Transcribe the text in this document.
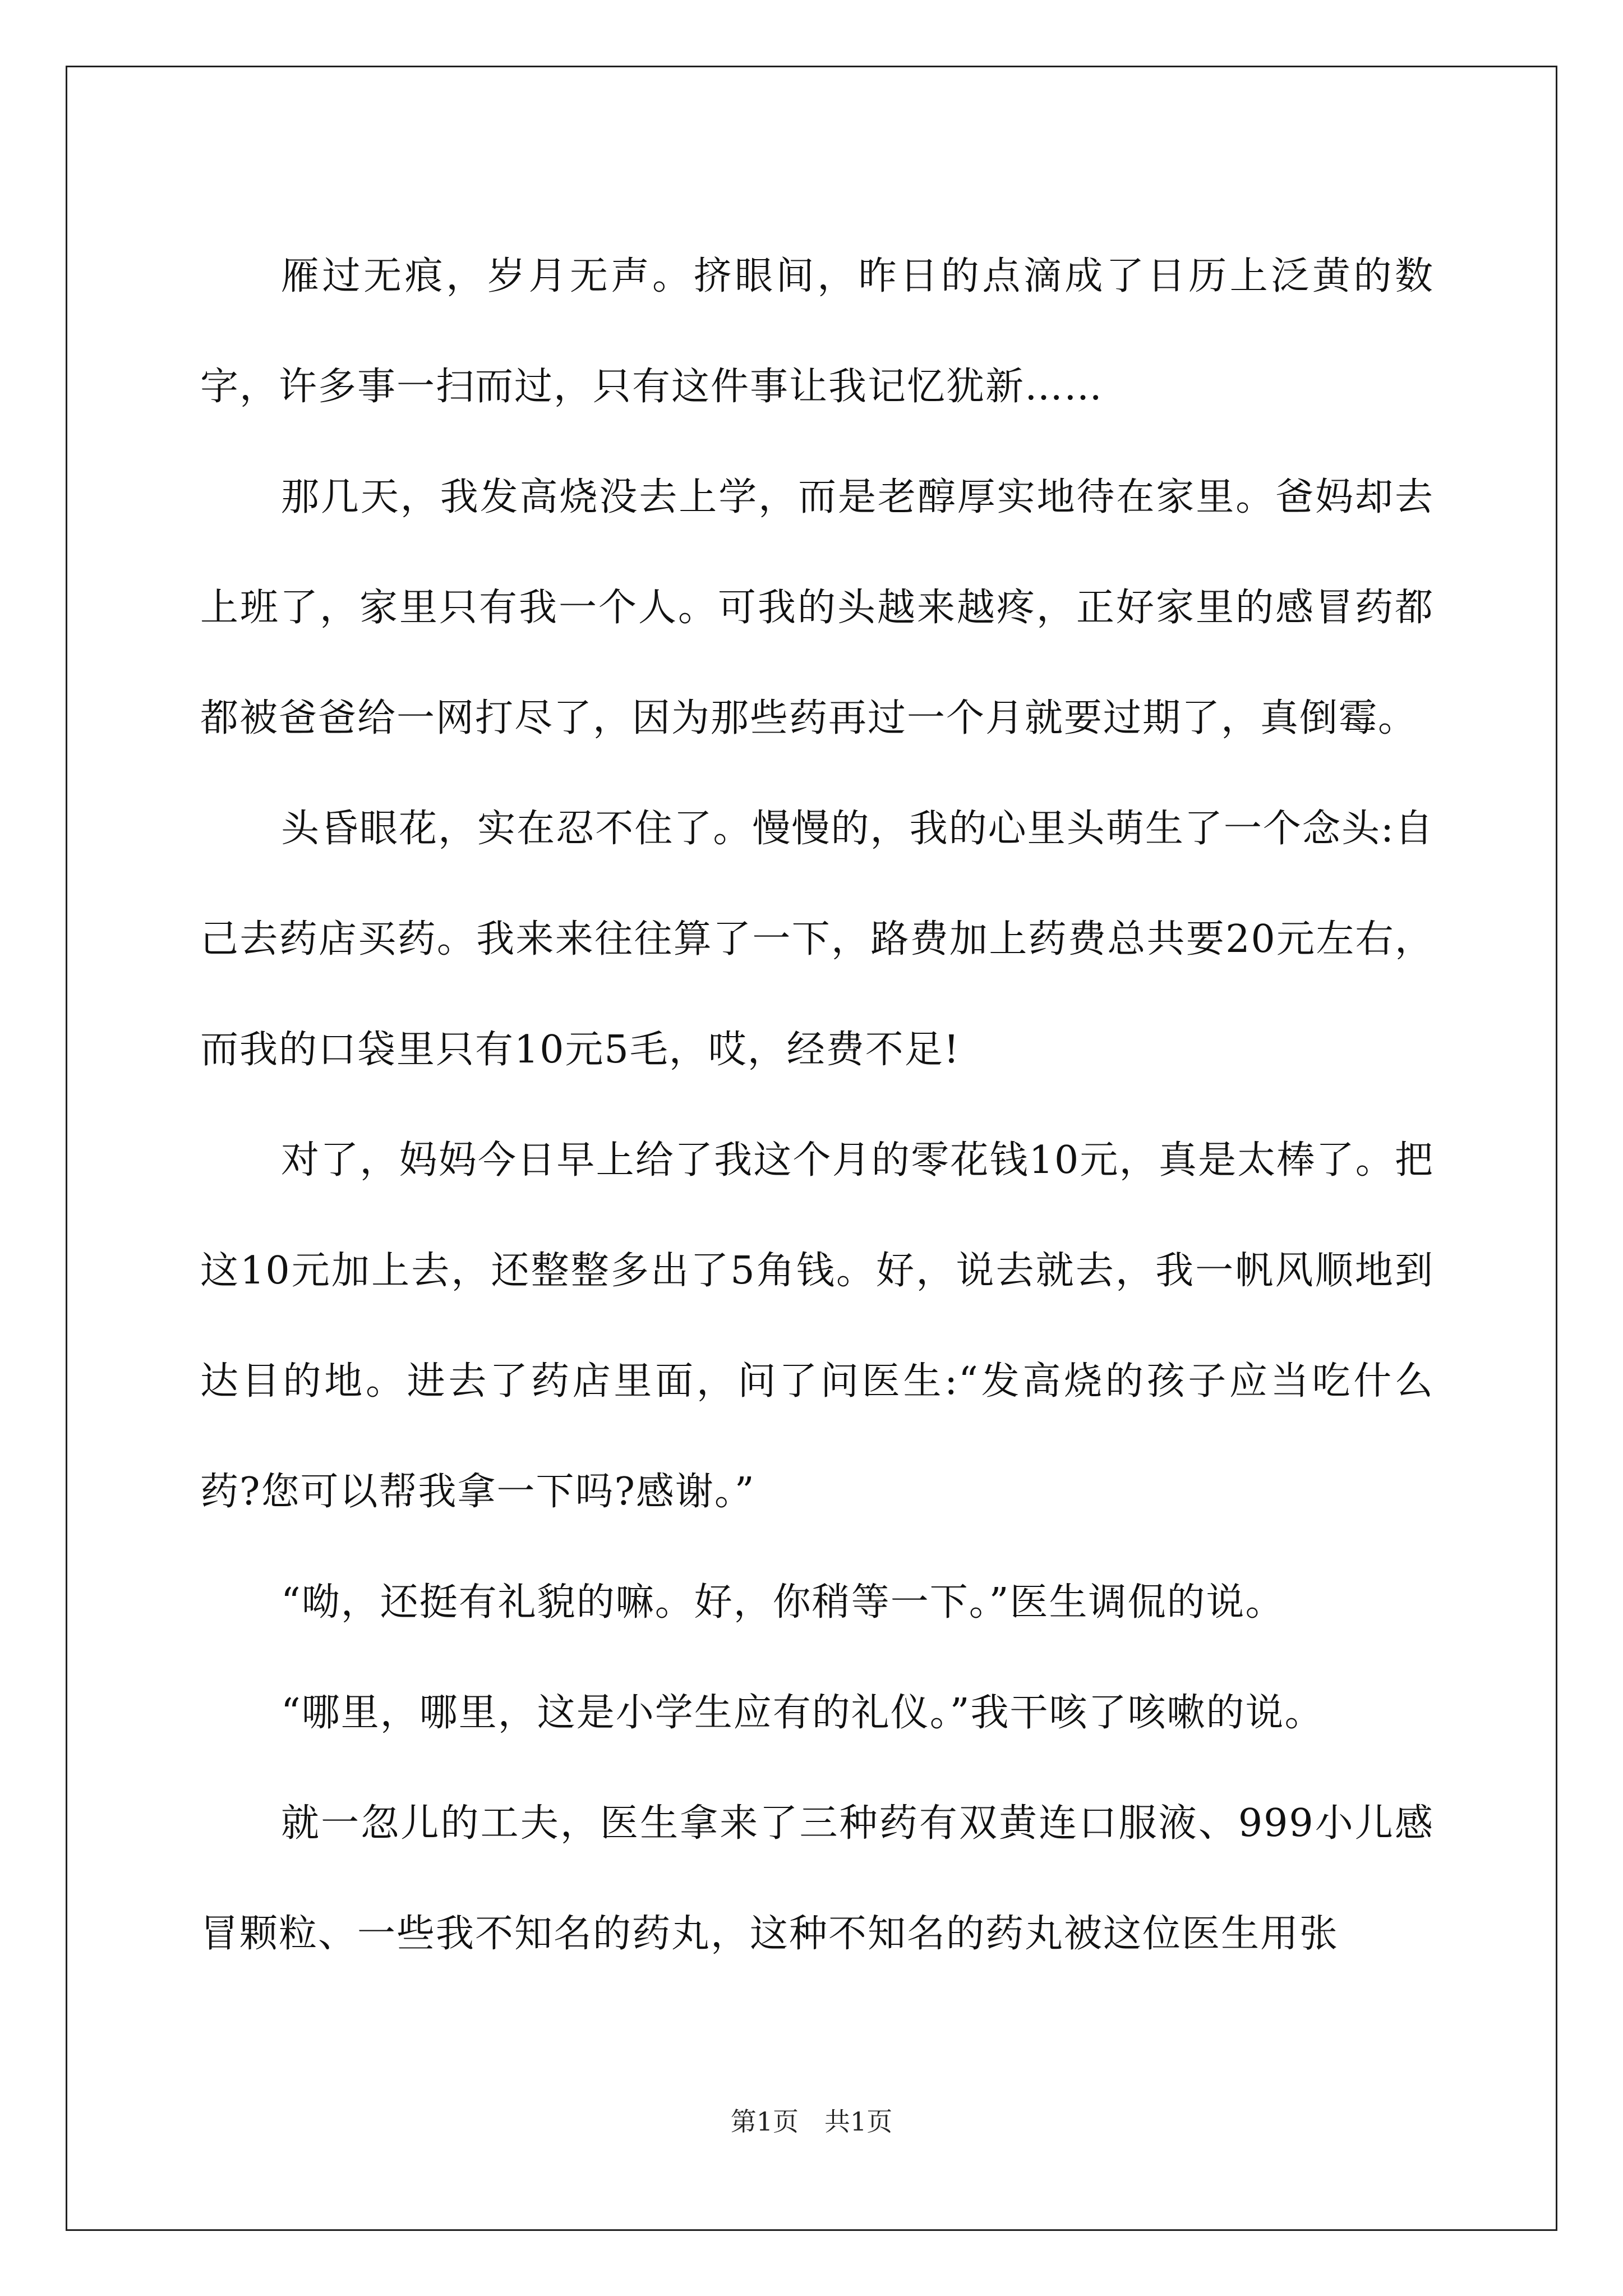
雁过无痕，岁月无声。挤眼间，昨日的点滴成了日历上泛黄的数字，许多事一扫而过，只有这件事让我记忆犹新……

那几天，我发高烧没去上学，而是老醇厚实地待在家里。爸妈却去上班了，家里只有我一个人。可我的头越来越疼，正好家里的感冒药都都被爸爸给一网打尽了，因为那些药再过一个月就要过期了，真倒霉。

头昏眼花，实在忍不住了。慢慢的，我的心里头萌生了一个念头:自己去药店买药。我来来往往算了一下，路费加上药费总共要20元左右，而我的口袋里只有10元5毛，哎，经费不足!

对了，妈妈今日早上给了我这个月的零花钱10元，真是太棒了。把这10元加上去，还整整多出了5角钱。好，说去就去，我一帆风顺地到达目的地。进去了药店里面，问了问医生:“发高烧的孩子应当吃什么药?您可以帮我拿一下吗?感谢。”

“呦，还挺有礼貌的嘛。好，你稍等一下。”医生调侃的说。

“哪里，哪里，这是小学生应有的礼仪。”我干咳了咳嗽的说。

就一忽儿的工夫，医生拿来了三种药有双黄连口服液、999小儿感冒颗粒、一些我不知名的药丸，这种不知名的药丸被这位医生用张

第1页　共1页
